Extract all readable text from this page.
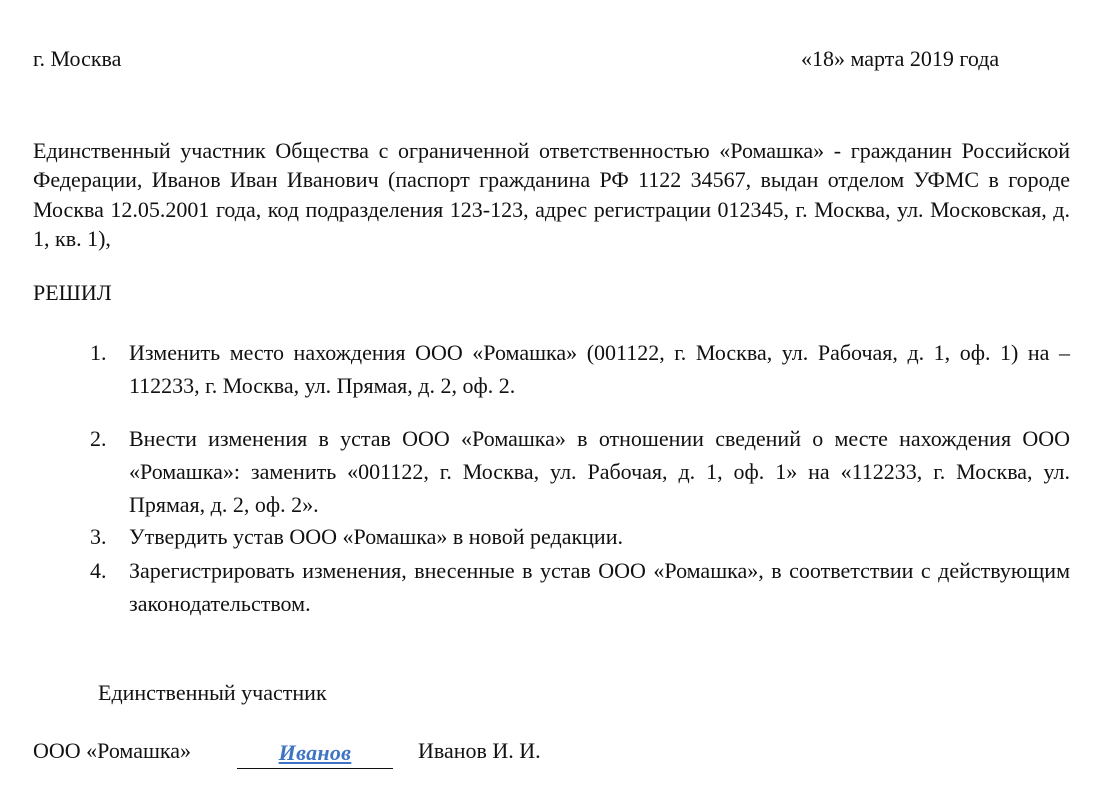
г. Москва	«18» марта 2019 года
Единственный участник Общества с ограниченной ответственностью «Ромашка» - гражданин Российской Федерации, Иванов Иван Иванович (паспорт гражданина РФ 1122 34567, выдан отделом УФМС в городе Москва 12.05.2001 года, код подразделения 123-123, адрес регистрации 012345, г. Москва, ул. Московская, д. 1, кв. 1),
РЕШИЛ
1. Изменить место нахождения ООО «Ромашка» (001122, г. Москва, ул. Рабочая, д. 1, оф. 1) на – 112233, г. Москва, ул. Прямая, д. 2, оф. 2.
2. Внести изменения в устав ООО «Ромашка» в отношении сведений о месте нахождения ООО «Ромашка»: заменить «001122, г. Москва, ул. Рабочая, д. 1, оф. 1» на «112233, г. Москва, ул. Прямая, д. 2, оф. 2».
3. Утвердить устав ООО «Ромашка» в новой редакции.
4. Зарегистрировать изменения, внесенные в устав ООО «Ромашка», в соответствии с действующим законодательством.
Единственный участник
ООО «Ромашка»	Иванов	Иванов И. И.
